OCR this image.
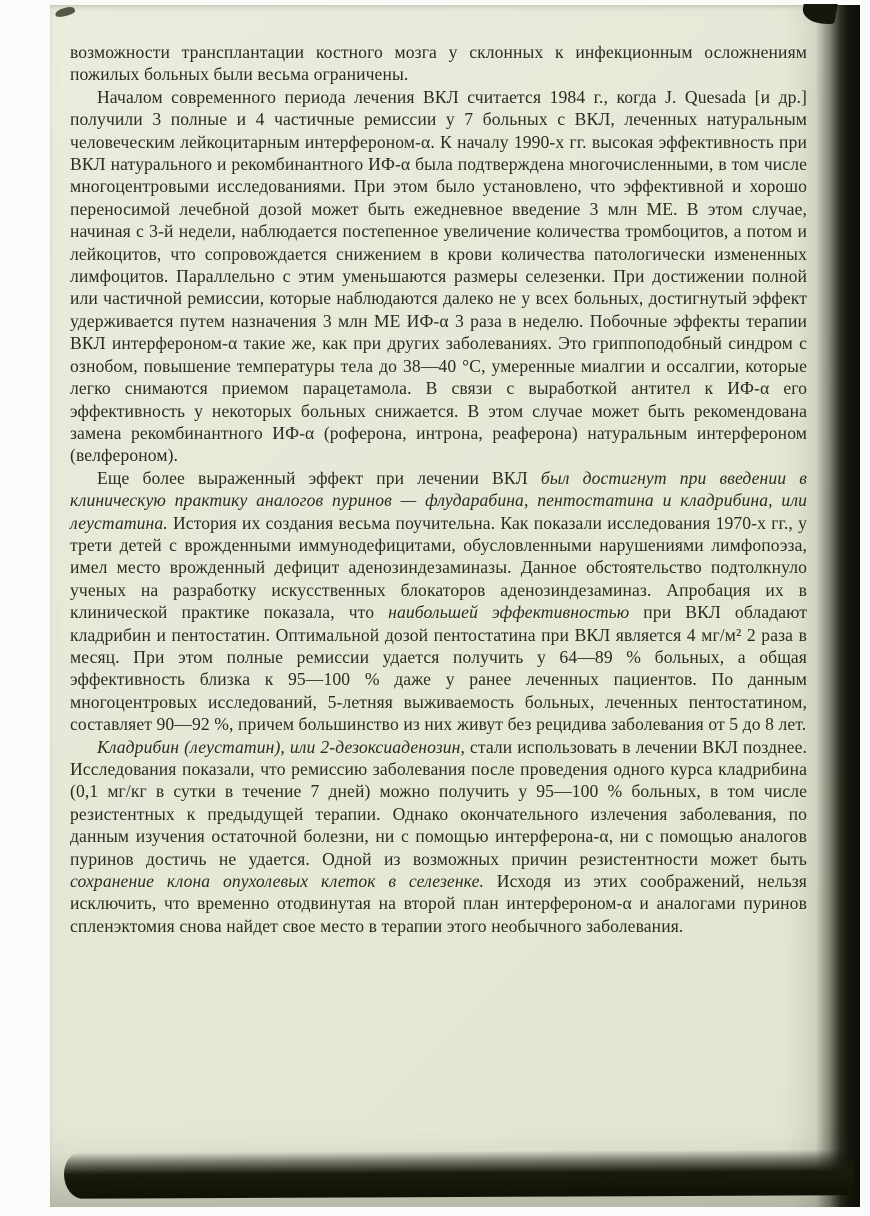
возможности трансплантации костного мозга у склонных к инфекционным осложнениям пожилых больных были весьма ограничены.

Началом современного периода лечения ВКЛ считается 1984 г., когда J. Quesada [и др.] получили 3 полные и 4 частичные ремиссии у 7 больных с ВКЛ, леченных натуральным человеческим лейкоцитарным интерфероном-α. К началу 1990-х гг. высокая эффективность при ВКЛ натурального и рекомбинантного ИФ-α была подтверждена многочисленными, в том числе многоцентровыми исследованиями. При этом было установлено, что эффективной и хорошо переносимой лечебной дозой может быть ежедневное введение 3 млн МЕ. В этом случае, начиная с 3-й недели, наблюдается постепенное увеличение количества тромбоцитов, а потом и лейкоцитов, что сопровождается снижением в крови количества патологически измененных лимфоцитов. Параллельно с этим уменьшаются размеры селезенки. При достижении полной или частичной ремиссии, которые наблюдаются далеко не у всех больных, достигнутый эффект удерживается путем назначения 3 млн МЕ ИФ-α 3 раза в неделю. Побочные эффекты терапии ВКЛ интерфероном-α такие же, как при других заболеваниях. Это гриппоподобный синдром с ознобом, повышение температуры тела до 38—40 °С, умеренные миалгии и оссалгии, которые легко снимаются приемом парацетамола. В связи с выработкой антител к ИФ-α его эффективность у некоторых больных снижается. В этом случае может быть рекомендована замена рекомбинантного ИФ-α (роферона, интрона, реаферона) натуральным интерфероном (велфероном).

Еще более выраженный эффект при лечении ВКЛ был достигнут при введении в клиническую практику аналогов пуринов — флударабина, пентостатина и кладрибина, или леустатина. История их создания весьма поучительна. Как показали исследования 1970-х гг., у трети детей с врожденными иммунодефицитами, обусловленными нарушениями лимфопоэза, имел место врожденный дефицит аденозиндезаминазы. Данное обстоятельство подтолкнуло ученых на разработку искусственных блокаторов аденозиндезаминаз. Апробация их в клинической практике показала, что наибольшей эффективностью при ВКЛ обладают кладрибин и пентостатин. Оптимальной дозой пентостатина при ВКЛ является 4 мг/м² 2 раза в месяц. При этом полные ремиссии удается получить у 64—89 % больных, а общая эффективность близка к 95—100 % даже у ранее леченных пациентов. По данным многоцентровых исследований, 5-летняя выживаемость больных, леченных пентостатином, составляет 90—92 %, причем большинство из них живут без рецидива заболевания от 5 до 8 лет.

Кладрибин (леустатин), или 2-дезоксиаденозин, стали использовать в лечении ВКЛ позднее. Исследования показали, что ремиссию заболевания после проведения одного курса кладрибина (0,1 мг/кг в сутки в течение 7 дней) можно получить у 95—100 % больных, в том числе резистентных к предыдущей терапии. Однако окончательного излечения заболевания, по данным изучения остаточной болезни, ни с помощью интерферона-α, ни с помощью аналогов пуринов достичь не удается. Одной из возможных причин резистентности может быть сохранение клона опухолевых клеток в селезенке. Исходя из этих соображений, нельзя исключить, что временно отодвинутая на второй план интерфероном-α и аналогами пуринов спленэктомия снова найдет свое место в терапии этого необычного заболевания.
